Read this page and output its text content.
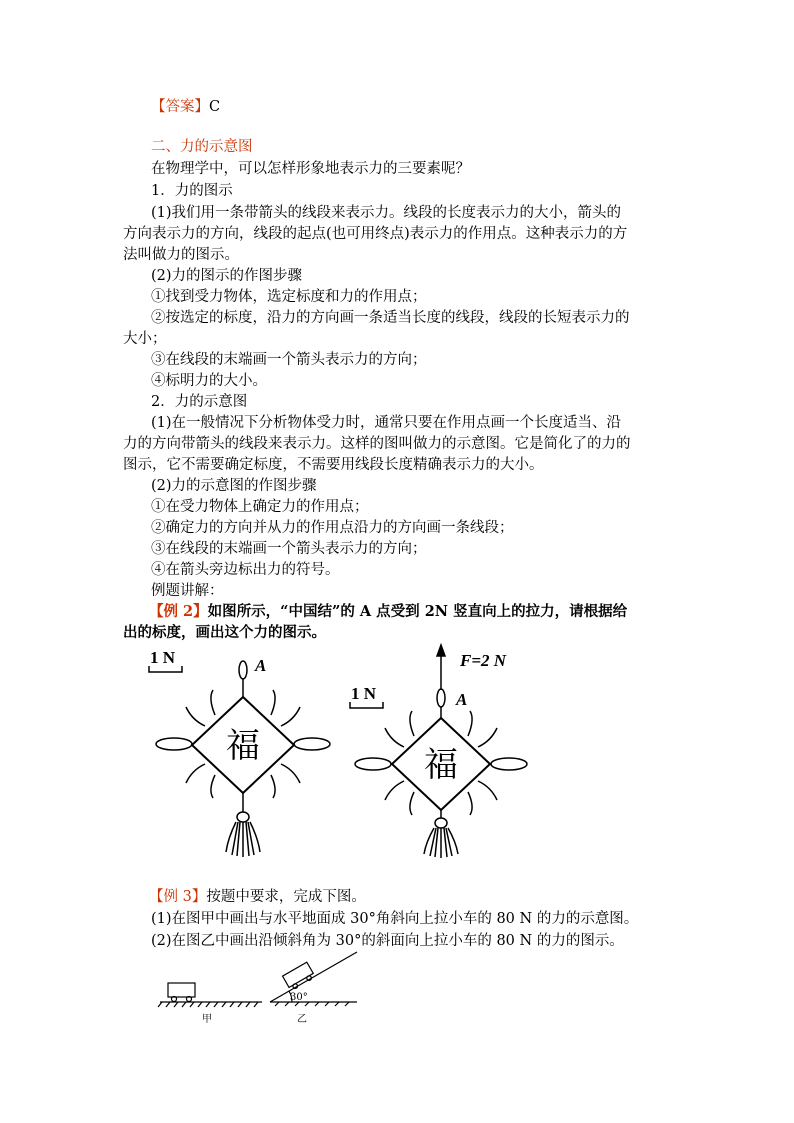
【答案】C
二、力的示意图
在物理学中，可以怎样形象地表示力的三要素呢？
1．力的图示
(1)我们用一条带箭头的线段来表示力。线段的长度表示力的大小，箭头的
方向表示力的方向，线段的起点(也可用终点)表示力的作用点。这种表示力的方
法叫做力的图示。
(2)力的图示的作图步骤
①找到受力物体，选定标度和力的作用点；
②按选定的标度，沿力的方向画一条适当长度的线段，线段的长短表示力的
大小；
③在线段的末端画一个箭头表示力的方向；
④标明力的大小。
2．力的示意图
(1)在一般情况下分析物体受力时，通常只要在作用点画一个长度适当、沿
力的方向带箭头的线段来表示力。这样的图叫做力的示意图。它是简化了的力的
图示，它不需要确定标度，不需要用线段长度精确表示力的大小。
(2)力的示意图的作图步骤
①在受力物体上确定力的作用点；
②确定力的方向并从力的作用点沿力的方向画一条线段；
③在线段的末端画一个箭头表示力的方向；
④在箭头旁边标出力的符号。
例题讲解：
【例 2】如图所示，“中国结”的 A 点受到 2N 竖直向上的拉力，请根据给
出的标度，画出这个力的图示。
1 N	A
福
1 N	A
F=2 N
福
【例 3】按题中要求，完成下图。
(1)在图甲中画出与水平地面成 30°角斜向上拉小车的 80 N 的力的示意图。
(2)在图乙中画出沿倾斜角为 30°的斜面向上拉小车的 80 N 的力的图示。
30°
甲	乙
